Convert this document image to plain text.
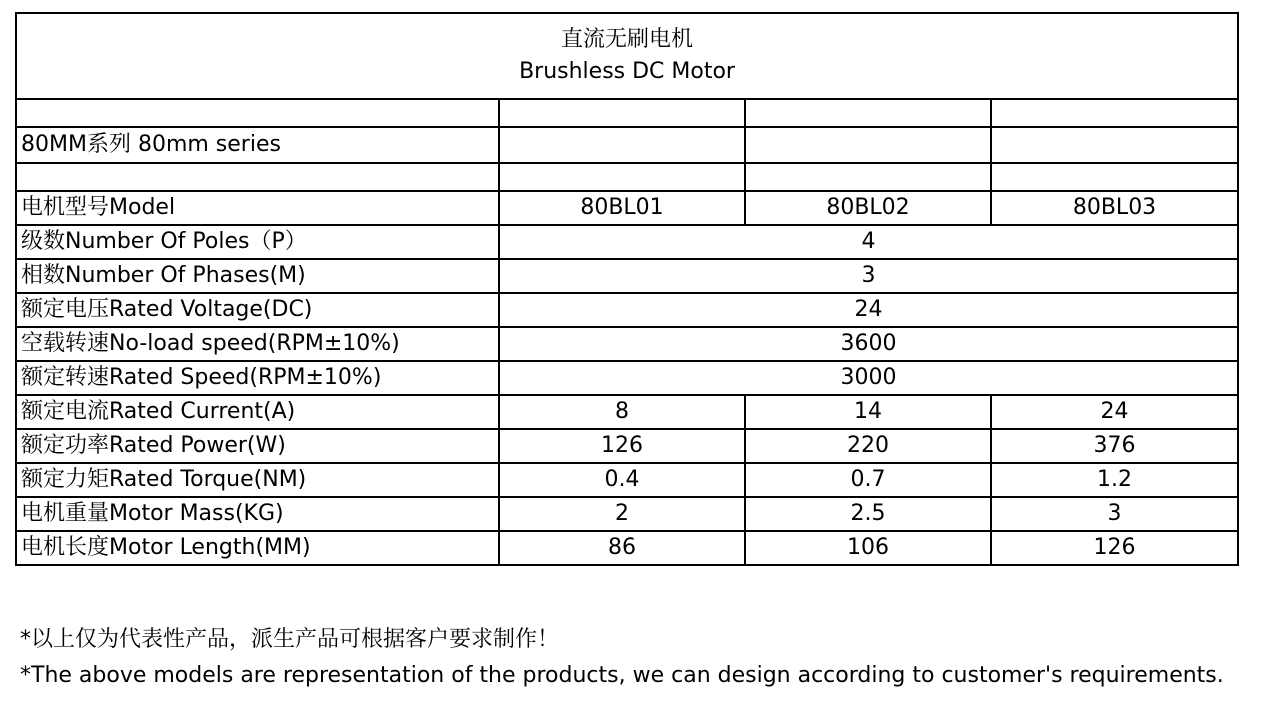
直流无刷电机
Brushless DC Motor			

80MM系列 80mm series			

电机型号Model	80BL01	80BL02	80BL03
级数Number Of Poles（P）	4		
相数Number Of Phases(M)	3		
额定电压Rated Voltage(DC)	24		
空载转速No-load speed(RPM±10%)	3600		
额定转速Rated Speed(RPM±10%)	3000		
额定电流Rated Current(A)	8	14	24
额定功率Rated Power(W)	126	220	376
额定力矩Rated Torque(NM)	0.4	0.7	1.2
电机重量Motor Mass(KG)	2	2.5	3
电机长度Motor Length(MM)	86	106	126
*以上仅为代表性产品，派生产品可根据客户要求制作！
*The above models are representation of the products, we can design according to customer's requirements.
